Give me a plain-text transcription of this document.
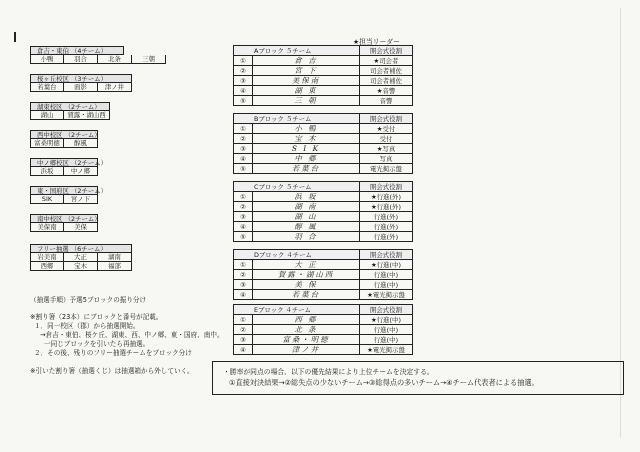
倉吉・東伯 （4チーム）
小鴨	羽合	北条	三朝
桜ヶ丘校区 （3チーム）
若葉台	面影	津ノ井
湖東校区 （2チーム）
湖山	賀露・湖山西
西中校区 （2チーム）
富桑明徳	醇風
中ノ郷校区 （2チーム）
浜坂	中ノ郷
東・国府区 （2チーム）
SIK	宮ノ下
南中校区 （2チーム）
美保南	美保
フリー抽選 （6チーム）
岩美南	大正	湖南
西郷	宝木	福部
（抽選手順）予選5ブロックの振り分け
※割り箸（23本）にブロックと番号が記載。
１．同一校区（郡）から抽選開始。
→倉吉・東伯、桜ケ丘、湖東、西、中ノ郷、東・国府、南中。
一同じブロックを引いたら再抽選。
２．その後、残りのフリー抽選チームをブロック分け
※引いた割り箸（抽選くじ）は抽選箱から外していく。
★担当リーダー
Aブロック ５チーム		開会式役割
①	倉 吉	★司会者
②	宮 下	司会者補佐
③	美保南	司会者補佐
④	湖 東	★音響
⑤	三 朝	音響
Bブロック ５チーム		開会式役割
①	小 鴨	★受付
②	宝 木	受付
③	S I K	★写真
④	中 郷	写真
⑤	若葉台	電光掲示盤
Cブロック ５チーム		開会式役割
①	浜 坂	★行進(外)
②	湖 南	★行進(外)
③	湖 山	行進(外)
④	醇 風	行進(外)
⑤	羽 合	行進(外)
Dブロック ４チーム		開会式役割
①	大 正	★行進(中)
②	賀露・湖山西	行進(中)
③	美 保	行進(中)
④	若葉台	★電光掲示盤
Eブロック ４チーム		開会式役割
①	西 郷	★行進(中)
②	北 条	行進(中)
③	富桑・明徳	行進(中)
④	津ノ井	★電光掲示盤
・勝率が同点の場合、以下の優先結果により上位チームを決定する。
①直接対決結果→②総失点の少ないチーム→③総得点の多いチーム→④チーム代表者による抽選。
